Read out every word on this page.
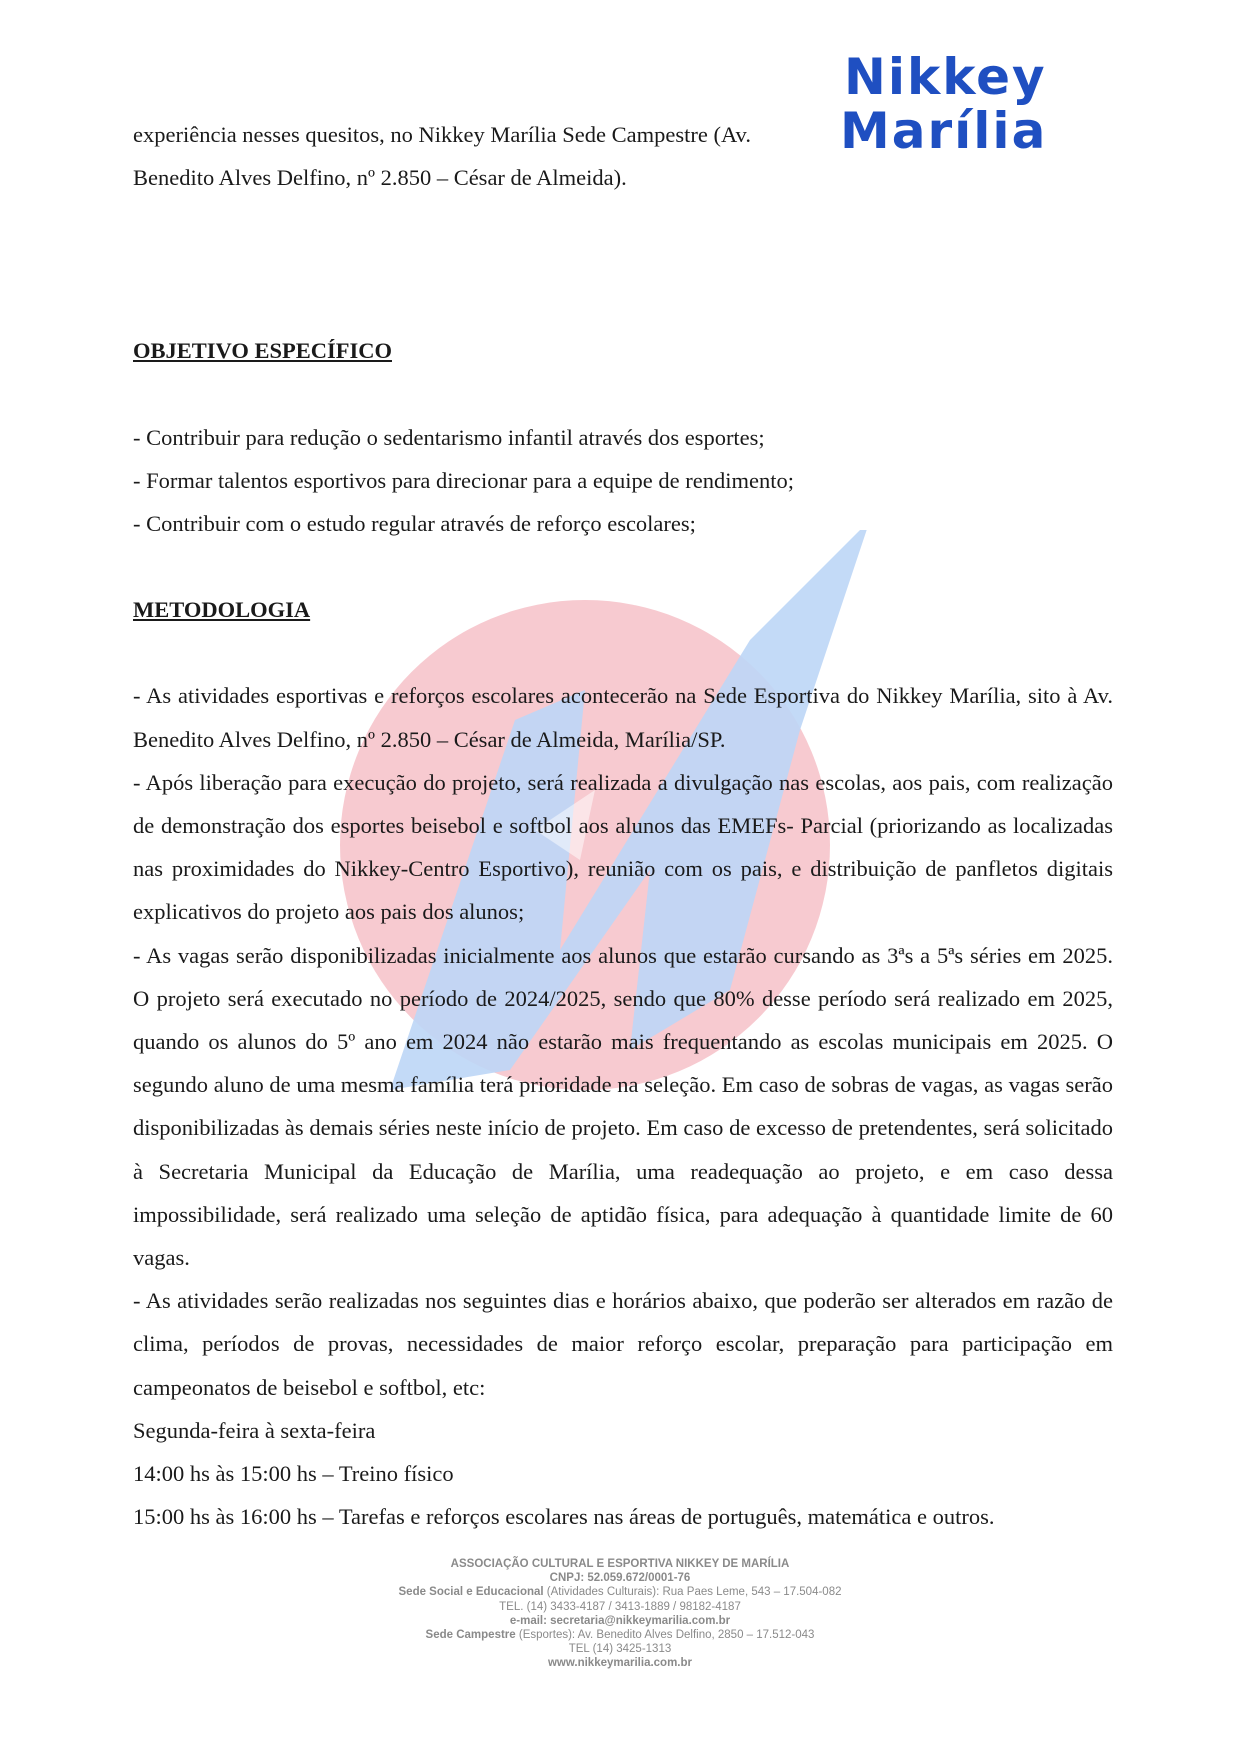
Nikkey
Marília

experiência nesses quesitos, no Nikkey Marília Sede Campestre (Av.

Benedito Alves Delfino, nº 2.850 – César de Almeida).

OBJETIVO ESPECÍFICO

- Contribuir para redução o sedentarismo infantil através dos esportes;

- Formar talentos esportivos para direcionar para a equipe de rendimento;

- Contribuir com o estudo regular através de reforço escolares;

METODOLOGIA

- As atividades esportivas e reforços escolares acontecerão na Sede Esportiva do Nikkey Marília, sito à Av. Benedito Alves Delfino, nº 2.850 – César de Almeida, Marília/SP.

- Após liberação para execução do projeto, será realizada a divulgação nas escolas, aos pais, com realização de demonstração dos esportes beisebol e softbol aos alunos das EMEFs- Parcial (priorizando as localizadas nas proximidades do Nikkey-Centro Esportivo), reunião com os pais, e distribuição de panfletos digitais explicativos do projeto aos pais dos alunos;

- As vagas serão disponibilizadas inicialmente aos alunos que estarão cursando as 3ªs a 5ªs séries em 2025. O projeto será executado no período de 2024/2025, sendo que 80% desse período será realizado em 2025, quando os alunos do 5º ano em 2024 não estarão mais frequentando as escolas municipais em 2025. O segundo aluno de uma mesma família terá prioridade na seleção. Em caso de sobras de vagas, as vagas serão disponibilizadas às demais séries neste início de projeto. Em caso de excesso de pretendentes, será solicitado à Secretaria Municipal da Educação de Marília, uma readequação ao projeto, e em caso dessa impossibilidade, será realizado uma seleção de aptidão física, para adequação à quantidade limite de 60 vagas.

- As atividades serão realizadas nos seguintes dias e horários abaixo, que poderão ser alterados em razão de clima, períodos de provas, necessidades de maior reforço escolar, preparação para participação em campeonatos de beisebol e softbol, etc:

Segunda-feira à sexta-feira

14:00 hs às 15:00 hs – Treino físico

15:00 hs às 16:00 hs – Tarefas e reforços escolares nas áreas de português, matemática e outros.

ASSOCIAÇÃO CULTURAL E ESPORTIVA NIKKEY DE MARÍLIA
CNPJ: 52.059.672/0001-76
Sede Social e Educacional (Atividades Culturais): Rua Paes Leme, 543 – 17.504-082
TEL. (14) 3433-4187 / 3413-1889 / 98182-4187
e-mail: secretaria@nikkeymarilia.com.br
Sede Campestre (Esportes): Av. Benedito Alves Delfino, 2850 – 17.512-043
TEL (14) 3425-1313
www.nikkeymarilia.com.br
